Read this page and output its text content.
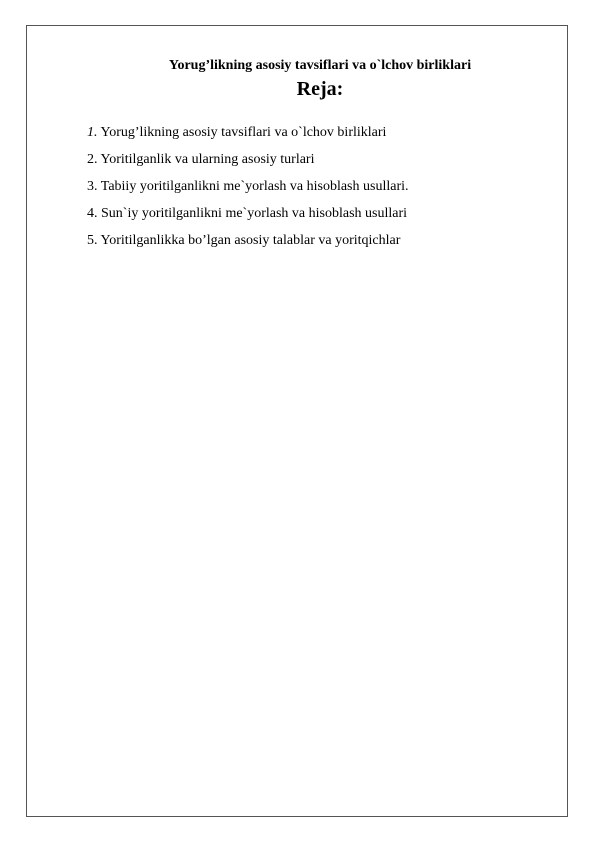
Yorug’likning asosiy tavsiflari va o`lchov birliklari
Reja:
1. Yorug’likning asosiy tavsiflari va o`lchov birliklari
2. Yoritilganlik va ularning asosiy turlari
3. Tabiiy yoritilganlikni me`yorlash va hisoblash usullari.
4. Sun`iy yoritilganlikni me`yorlash va hisoblash usullari
5. Yoritilganlikka bo’lgan asosiy talablar va yoritqichlar
